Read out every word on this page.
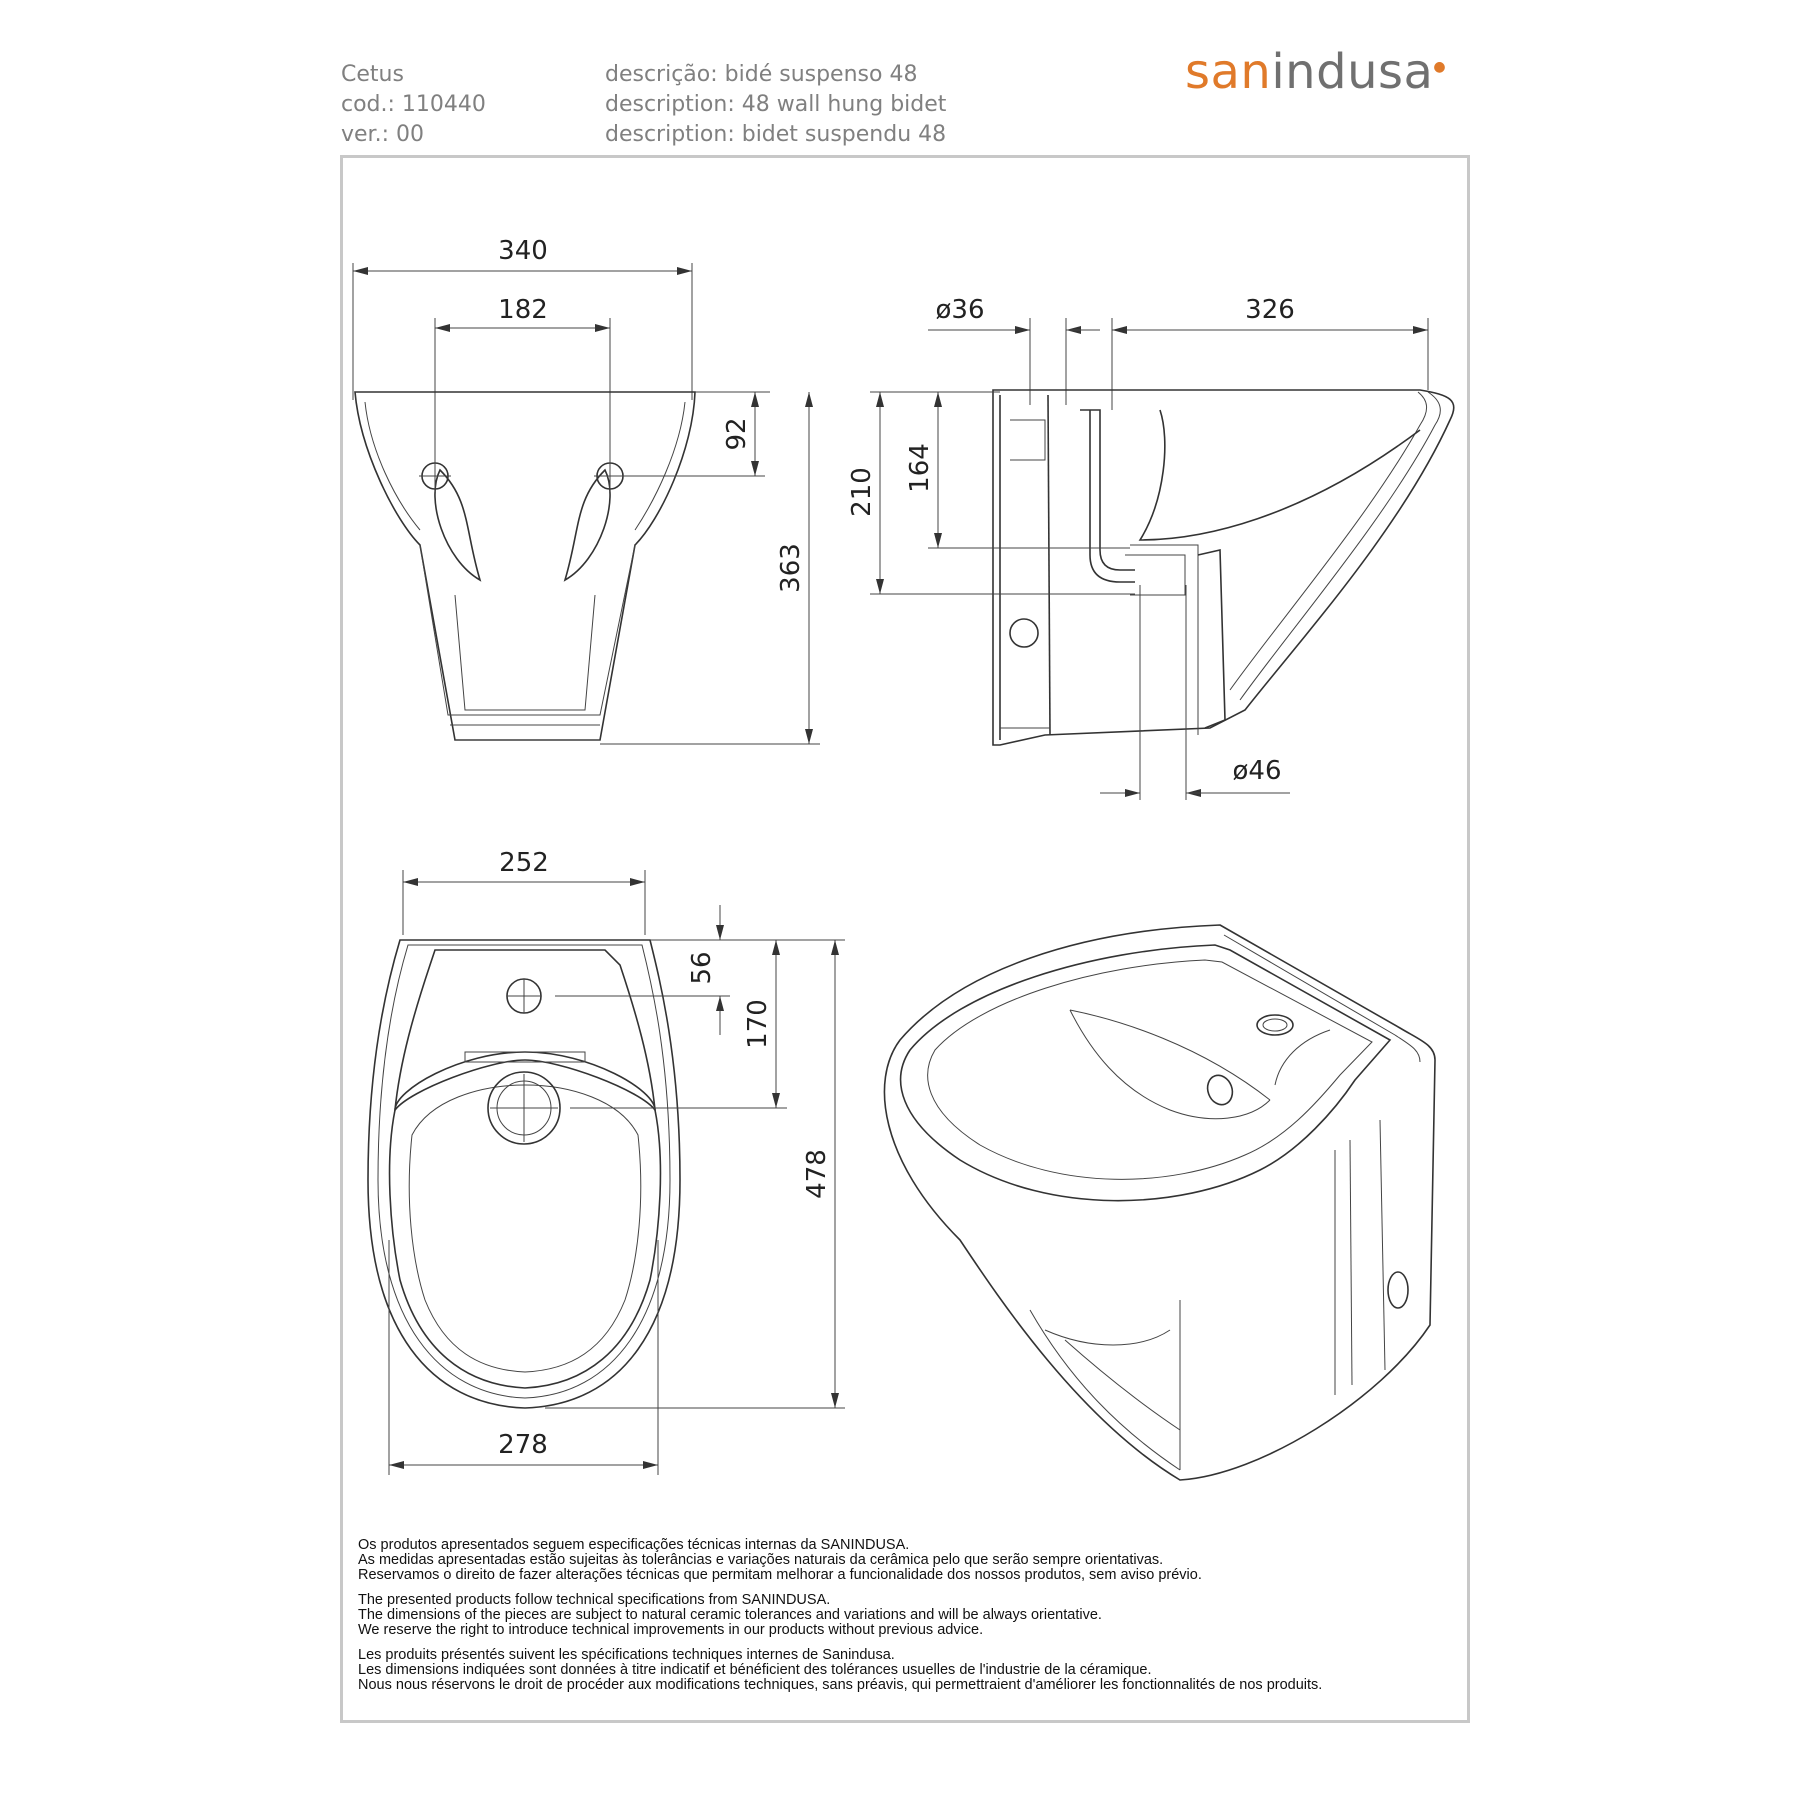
Cetus
cod.: 110440
ver.: 00
descrição: bidé suspenso 48
description: 48 wall hung bidet
description: bidet suspendu 48
sanindusa●
340
182
92
363
ø36	326
164
210
ø46
252
56
170
478
278

Os produtos apresentados seguem especificações técnicas internas da SANINDUSA.
As medidas apresentadas estão sujeitas às tolerâncias e variações naturais da cerâmica pelo que serão sempre orientativas.
Reservamos o direito de fazer alterações técnicas que permitam melhorar a funcionalidade dos nossos produtos, sem aviso prévio.

The presented products follow technical specifications from SANINDUSA.
The dimensions of the pieces are subject to natural ceramic tolerances and variations and will be always orientative.
We reserve the right to introduce technical improvements in our products without previous advice.

Les produits présentés suivent les spécifications techniques internes de Sanindusa.
Les dimensions indiquées sont données à titre indicatif et bénéficient des tolérances usuelles de l'industrie de la céramique.
Nous nous réservons le droit de procéder aux modifications techniques, sans préavis, qui permettraient d'améliorer les fonctionnalités de nos produits.
